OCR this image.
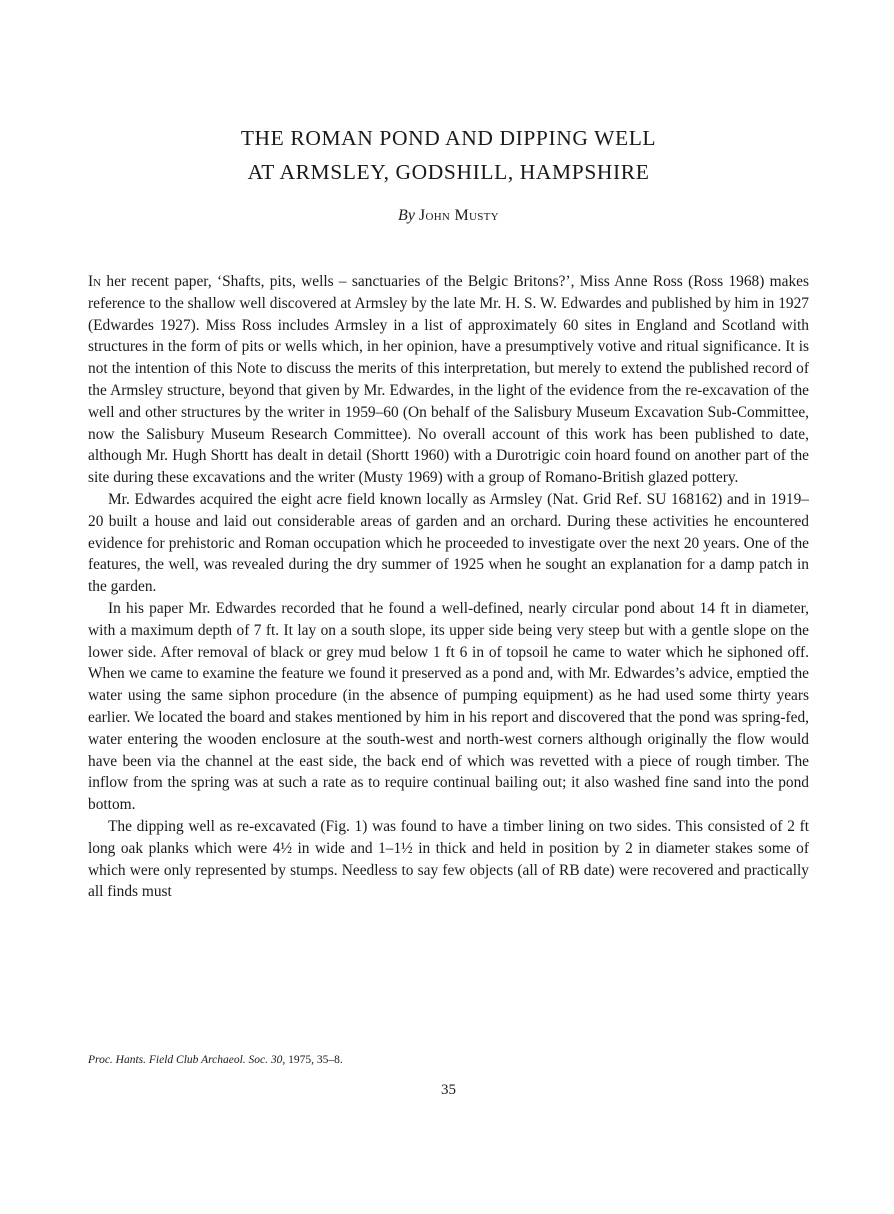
THE ROMAN POND AND DIPPING WELL
AT ARMSLEY, GODSHILL, HAMPSHIRE

By John Musty

In her recent paper, ‘Shafts, pits, wells – sanctuaries of the Belgic Britons?’, Miss Anne Ross (Ross 1968) makes reference to the shallow well discovered at Armsley by the late Mr. H. S. W. Edwardes and published by him in 1927 (Edwardes 1927). Miss Ross includes Armsley in a list of approximately 60 sites in England and Scotland with structures in the form of pits or wells which, in her opinion, have a presumptively votive and ritual significance. It is not the intention of this Note to discuss the merits of this interpretation, but merely to extend the published record of the Armsley structure, beyond that given by Mr. Edwardes, in the light of the evidence from the re-excavation of the well and other structures by the writer in 1959–60 (On behalf of the Salisbury Museum Excavation Sub-Committee, now the Salisbury Museum Research Committee). No overall account of this work has been published to date, although Mr. Hugh Shortt has dealt in detail (Shortt 1960) with a Durotrigic coin hoard found on another part of the site during these excavations and the writer (Musty 1969) with a group of Romano-British glazed pottery.

Mr. Edwardes acquired the eight acre field known locally as Armsley (Nat. Grid Ref. SU 168162) and in 1919–20 built a house and laid out considerable areas of garden and an orchard. During these activities he encountered evidence for prehistoric and Roman occupation which he proceeded to investigate over the next 20 years. One of the features, the well, was revealed during the dry summer of 1925 when he sought an explanation for a damp patch in the garden.

In his paper Mr. Edwardes recorded that he found a well-defined, nearly circular pond about 14 ft in diameter, with a maximum depth of 7 ft. It lay on a south slope, its upper side being very steep but with a gentle slope on the lower side. After removal of black or grey mud below 1 ft 6 in of topsoil he came to water which he siphoned off. When we came to examine the feature we found it preserved as a pond and, with Mr. Edwardes’s advice, emptied the water using the same siphon procedure (in the absence of pumping equipment) as he had used some thirty years earlier. We located the board and stakes mentioned by him in his report and discovered that the pond was spring-fed, water entering the wooden enclosure at the south-west and north-west corners although originally the flow would have been via the channel at the east side, the back end of which was revetted with a piece of rough timber. The inflow from the spring was at such a rate as to require continual bailing out; it also washed fine sand into the pond bottom.

The dipping well as re-excavated (Fig. 1) was found to have a timber lining on two sides. This consisted of 2 ft long oak planks which were 4½ in wide and 1–1½ in thick and held in position by 2 in diameter stakes some of which were only represented by stumps. Needless to say few objects (all of RB date) were recovered and practically all finds must

Proc. Hants. Field Club Archaeol. Soc. 30, 1975, 35–8.

35
